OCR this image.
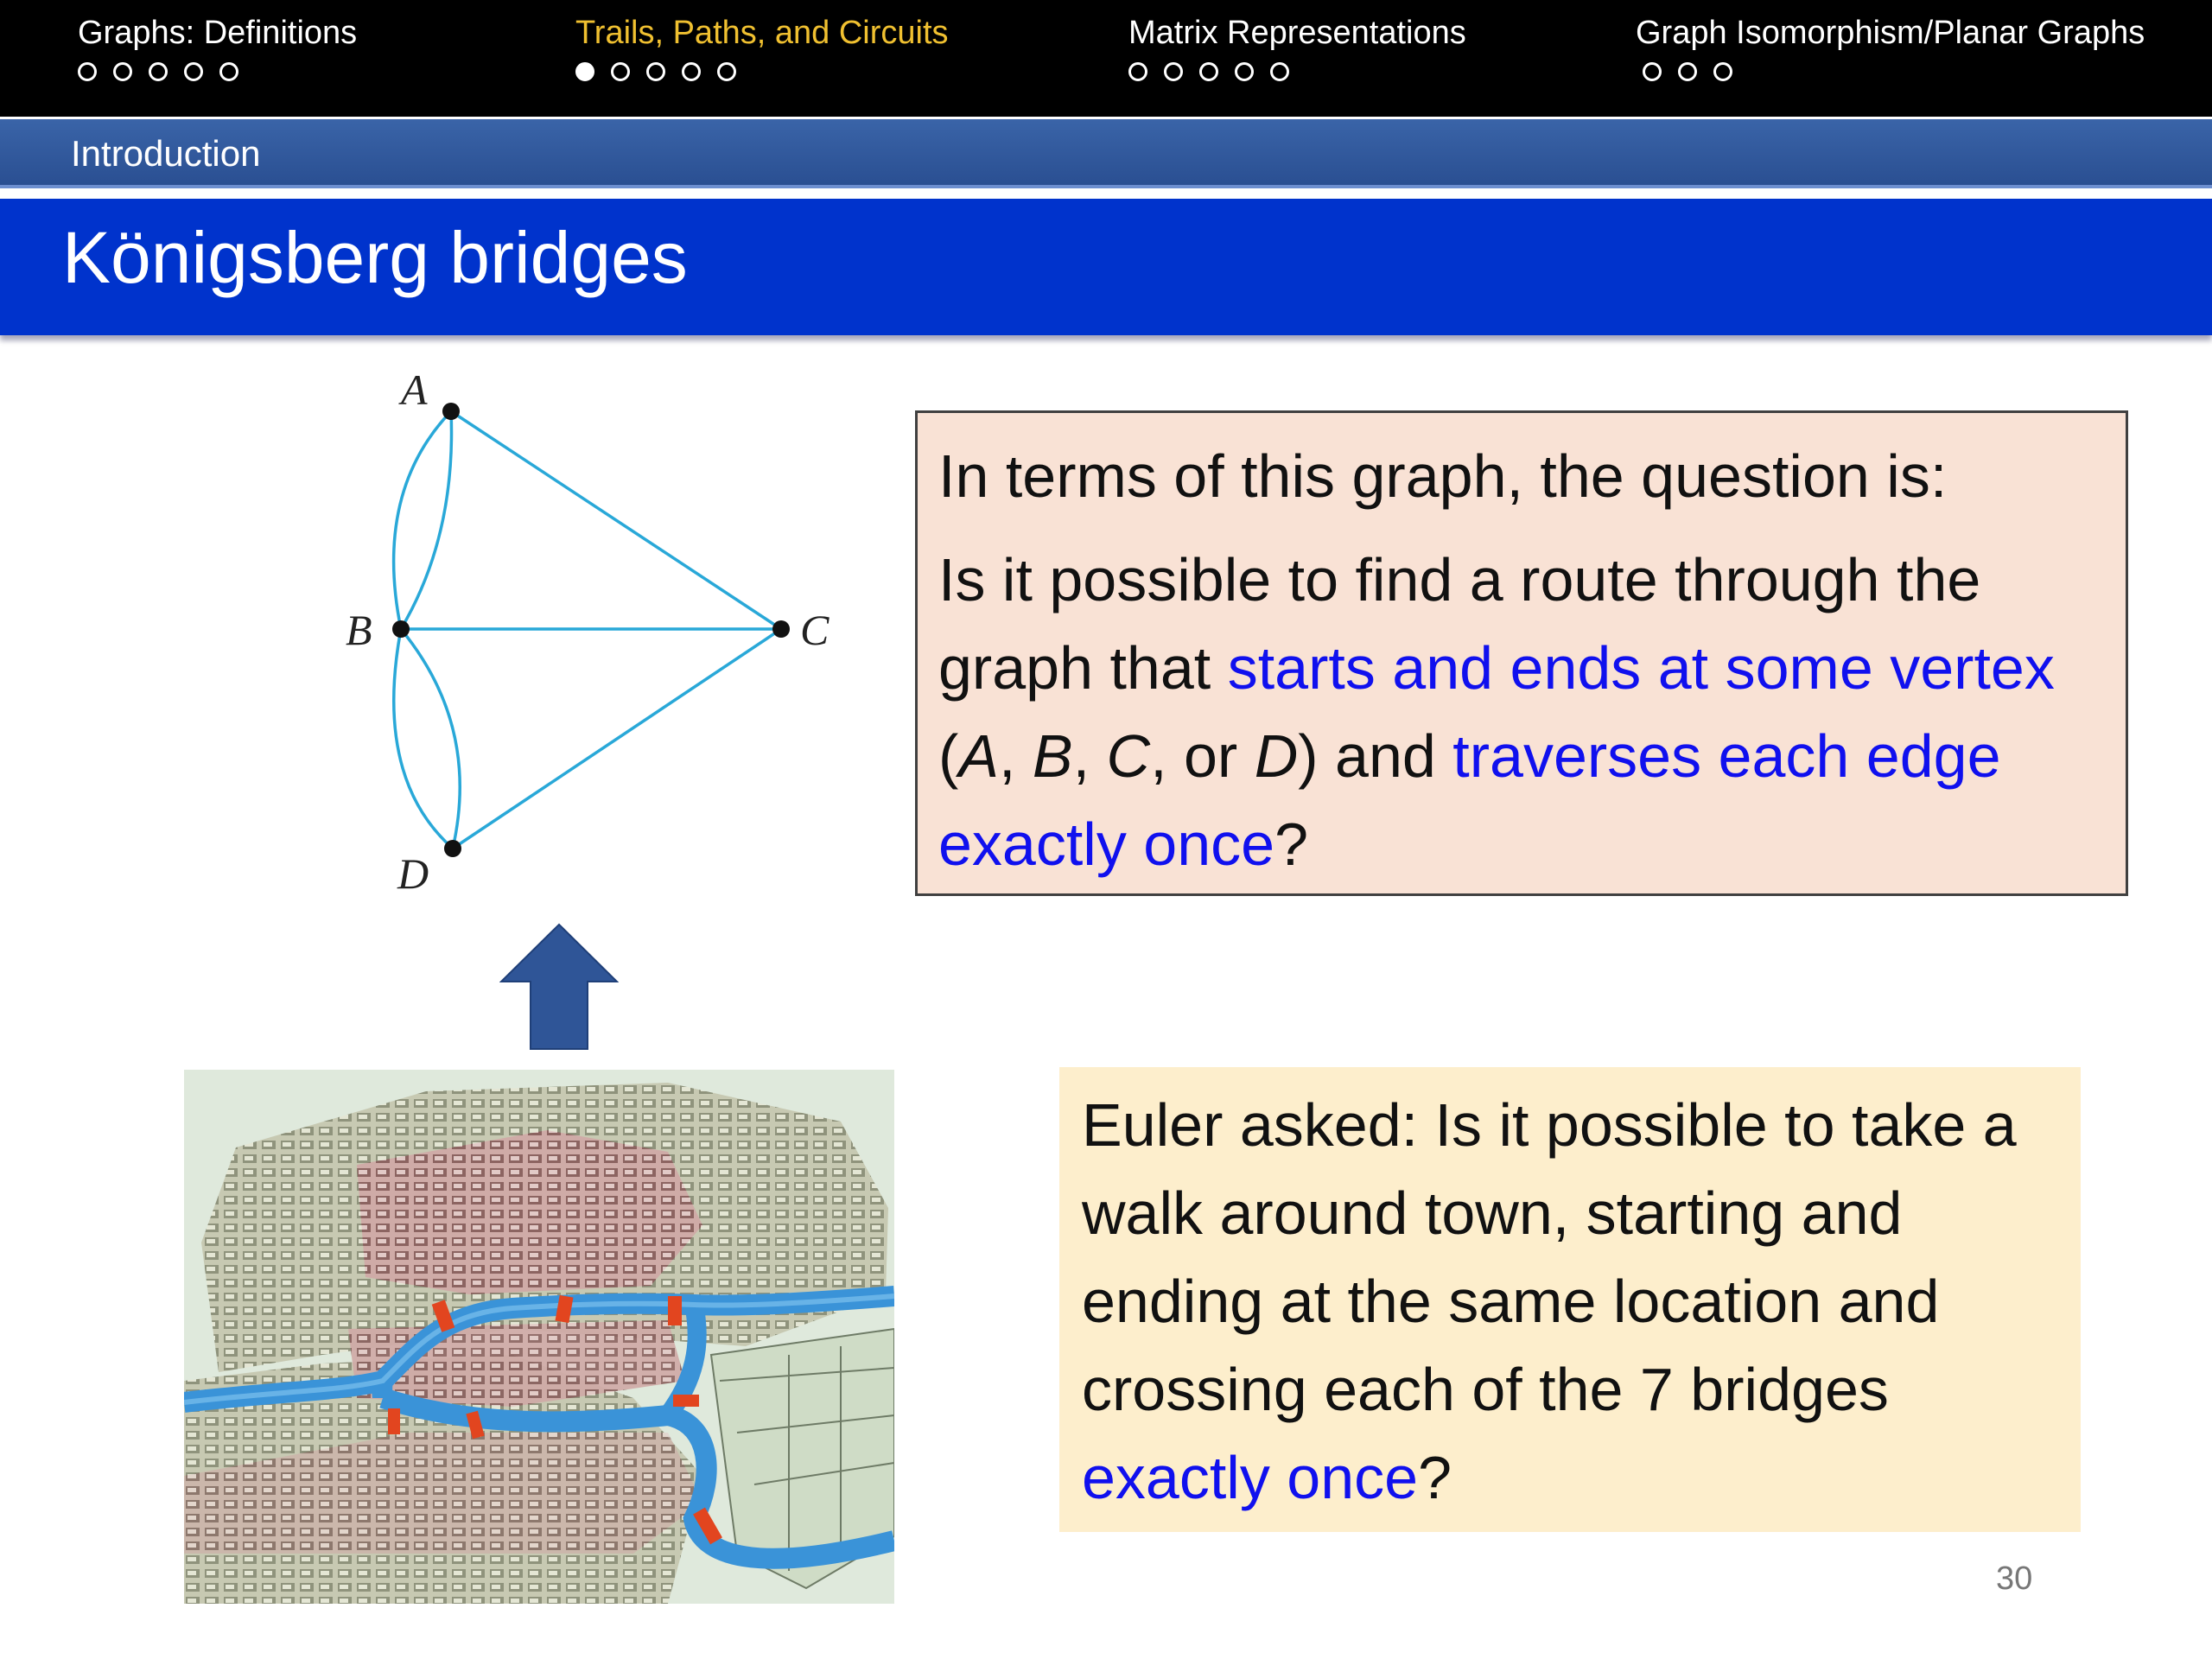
Graphs: Definitions	Trails, Paths, and Circuits	Matrix Representations	Graph Isomorphism/Planar Graphs
Introduction
Königsberg bridges
A
B	C
D

In terms of this graph, the question is:

Is it possible to find a route through the graph that starts and ends at some vertex (A, B, C, or D) and traverses each edge exactly once?

Euler asked: Is it possible to take a walk around town, starting and ending at the same location and crossing each of the 7 bridges exactly once?

30
